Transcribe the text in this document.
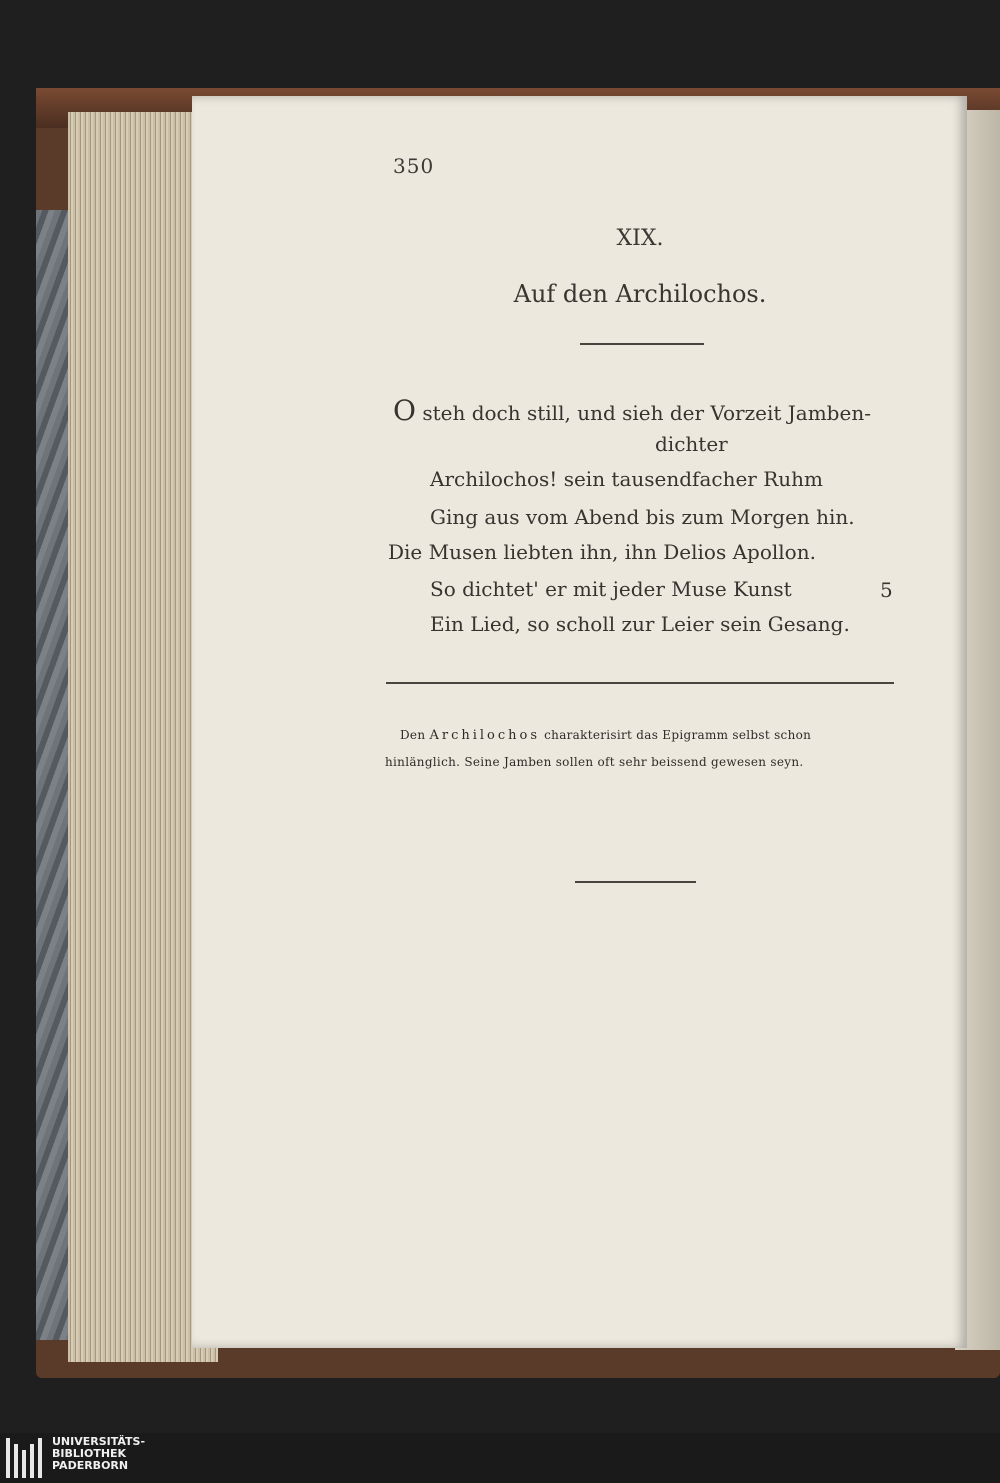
350
XIX.
Auf den Archilochos.
O steh doch still, und sieh der Vorzeit Jamben-
dichter
Archilochos! sein tausendfacher Ruhm
Ging aus vom Abend bis zum Morgen hin.
Die Musen liebten ihn, ihn Delios Apollon.
So dichtet' er mit jeder Muse Kunst	5
Ein Lied, so scholl zur Leier sein Gesang.
Den Archilochos charakterisirt das Epigramm selbst schon
hinlänglich. Seine Jamben sollen oft sehr beissend gewesen seyn.
UNIVERSITÄTS-
BIBLIOTHEK
PADERBORN
